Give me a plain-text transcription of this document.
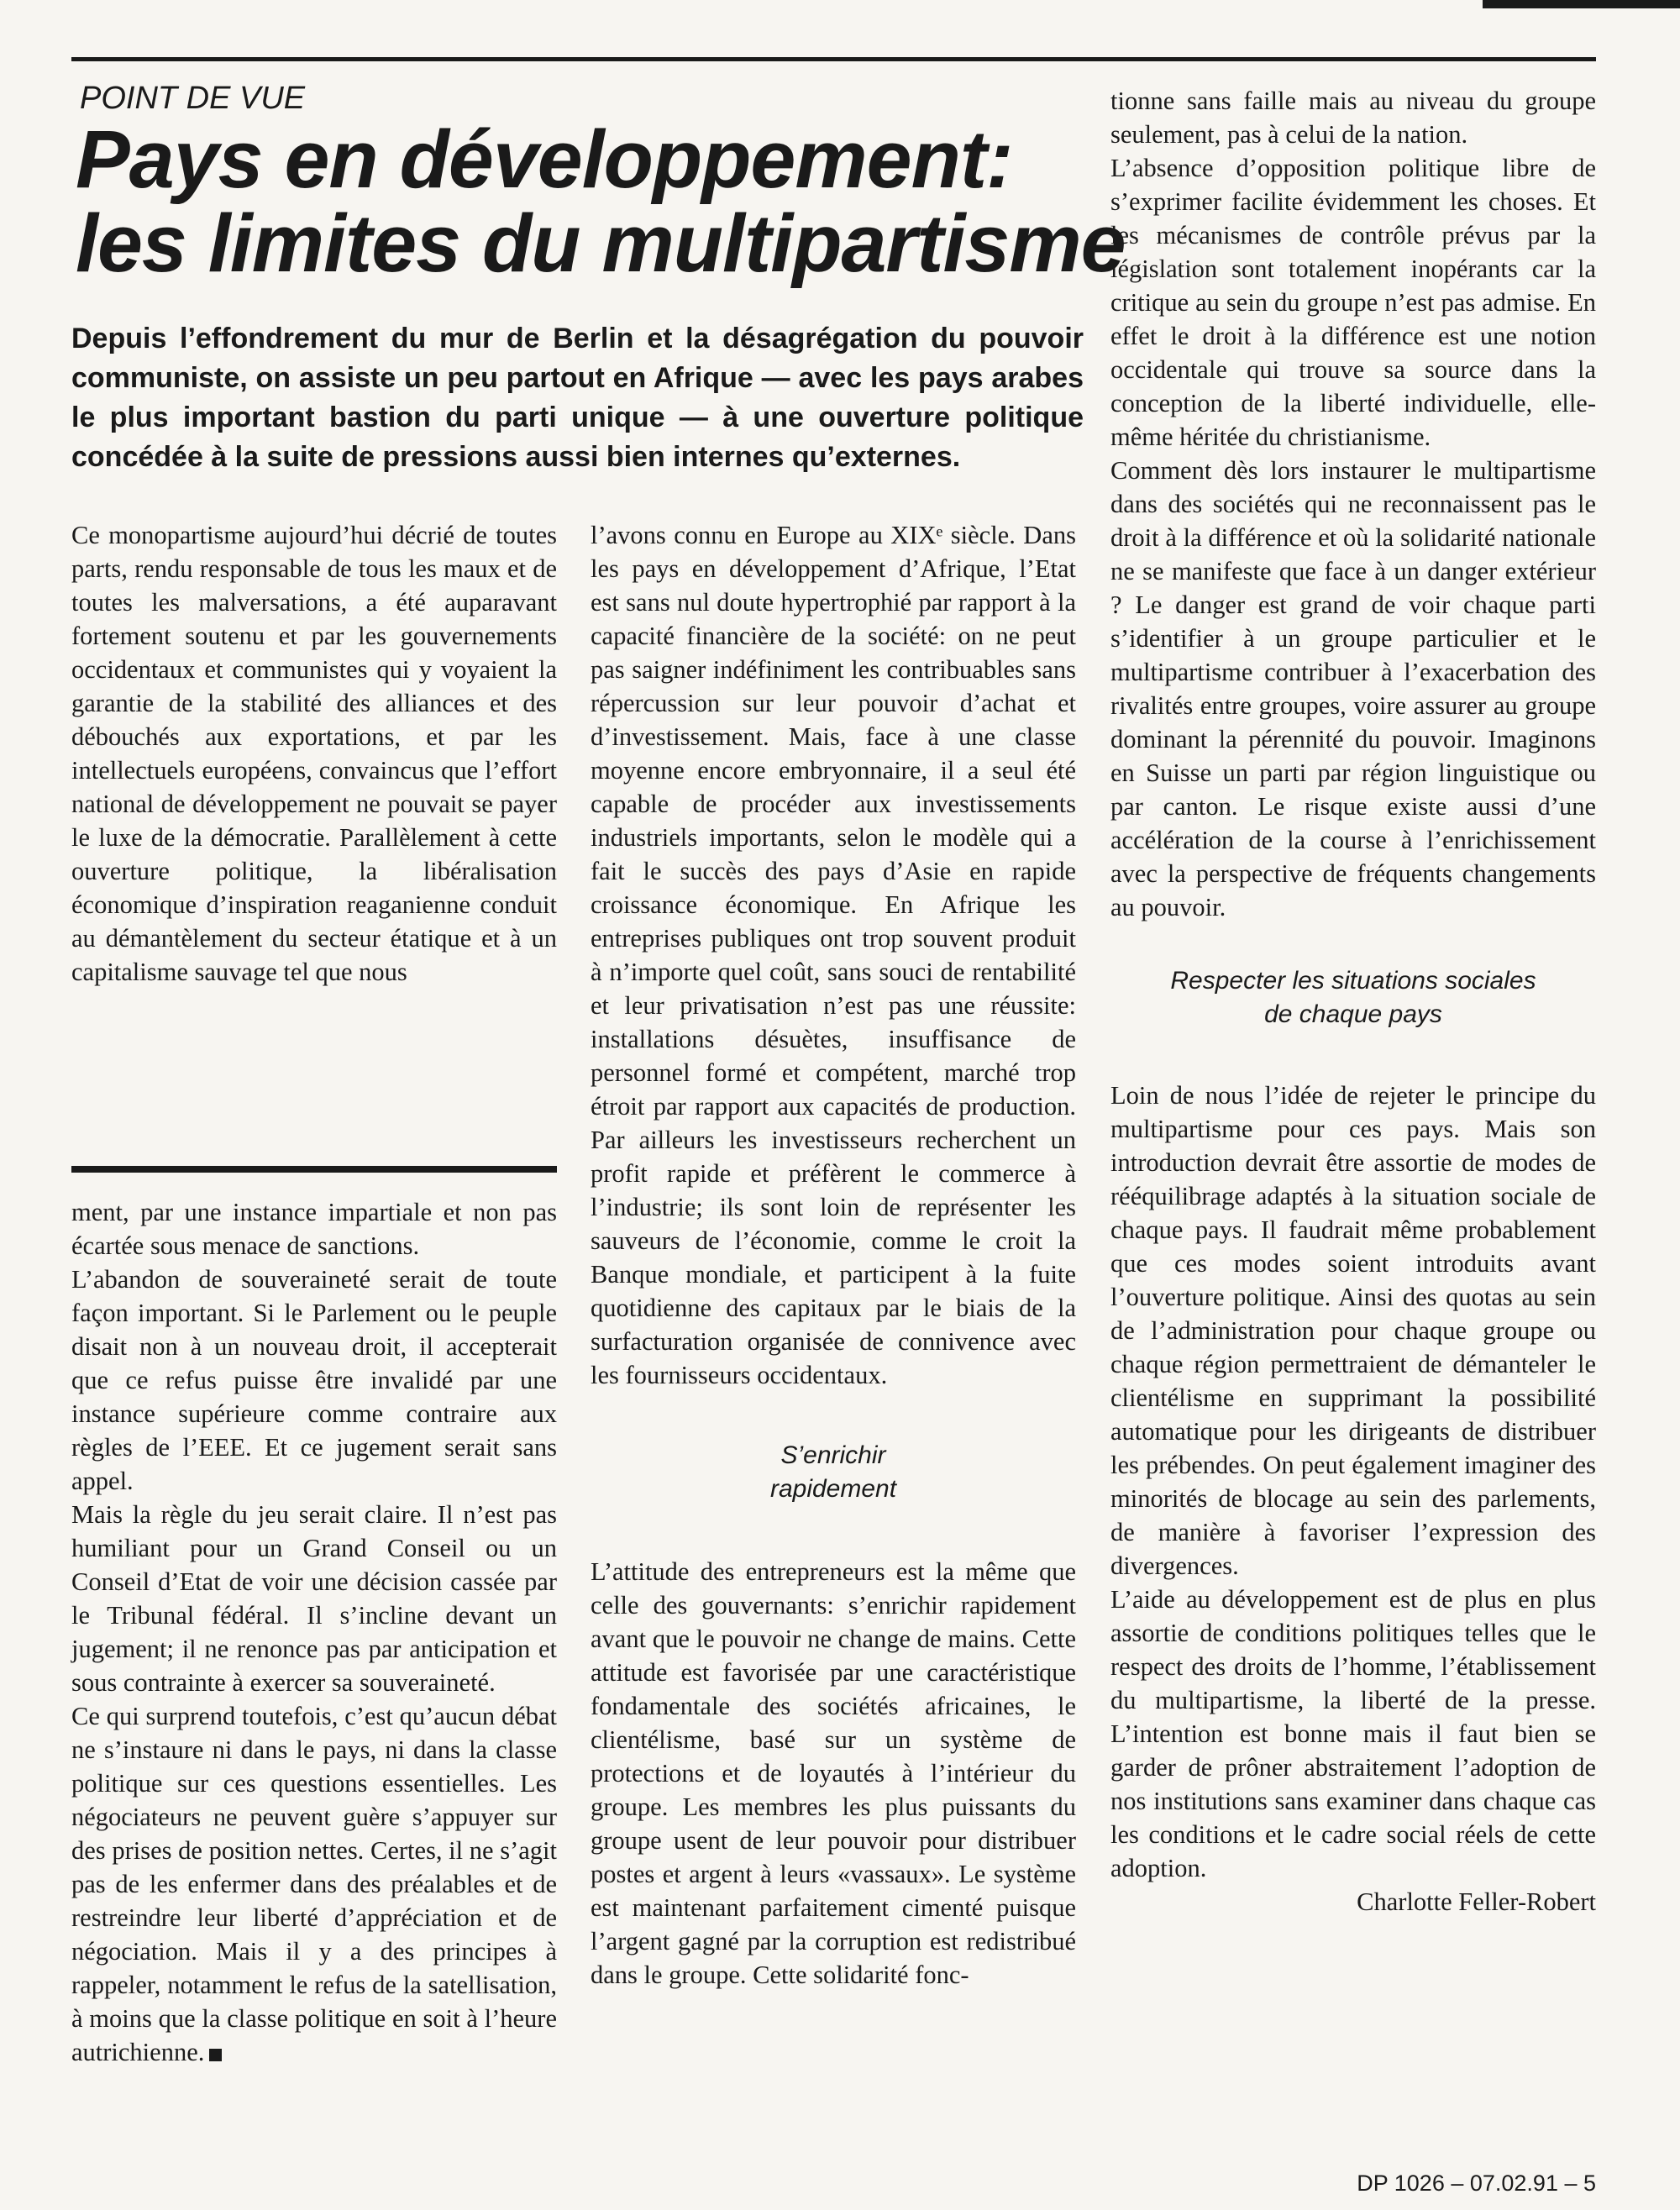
POINT DE VUE
Pays en développement:
les limites du multipartisme
Depuis l’effondrement du mur de Berlin et la désagrégation du pouvoir communiste, on assiste un peu partout en Afrique — avec les pays arabes le plus important bastion du parti unique — à une ouverture politique concédée à la suite de pressions aussi bien internes qu’externes.

Ce monopartisme aujourd’hui décrié de toutes parts, rendu responsable de tous les maux et de toutes les malversations, a été auparavant fortement soutenu et par les gouvernements occidentaux et communistes qui y voyaient la garantie de la stabilité des alliances et des débouchés aux exportations, et par les intellectuels européens, convaincus que l’effort national de développement ne pouvait se payer le luxe de la démocratie. Parallèlement à cette ouverture politique, la libéralisation économique d’inspiration reaganienne conduit au démantèlement du secteur étatique et à un capitalisme sauvage tel que nous

ment, par une instance impartiale et non pas écartée sous menace de sanctions.

L’abandon de souveraineté serait de toute façon important. Si le Parlement ou le peuple disait non à un nouveau droit, il accepterait que ce refus puisse être invalidé par une instance supérieure comme contraire aux règles de l’EEE. Et ce jugement serait sans appel.

Mais la règle du jeu serait claire. Il n’est pas humiliant pour un Grand Conseil ou un Conseil d’Etat de voir une décision cassée par le Tribunal fédéral. Il s’incline devant un jugement; il ne renonce pas par anticipation et sous contrainte à exercer sa souveraineté.

Ce qui surprend toutefois, c’est qu’aucun débat ne s’instaure ni dans le pays, ni dans la classe politique sur ces questions essentielles. Les négociateurs ne peuvent guère s’appuyer sur des prises de position nettes. Certes, il ne s’agit pas de les enfermer dans des préalables et de restreindre leur liberté d’appréciation et de négociation. Mais il y a des principes à rappeler, notamment le refus de la satellisation, à moins que la classe politique en soit à l’heure autrichienne.

l’avons connu en Europe au XIXᵉ siècle. Dans les pays en développement d’Afrique, l’Etat est sans nul doute hypertrophié par rapport à la capacité financière de la société: on ne peut pas saigner indéfiniment les contribuables sans répercussion sur leur pouvoir d’achat et d’investissement. Mais, face à une classe moyenne encore embryonnaire, il a seul été capable de procéder aux investissements industriels importants, selon le modèle qui a fait le succès des pays d’Asie en rapide croissance économique. En Afrique les entreprises publiques ont trop souvent produit à n’importe quel coût, sans souci de rentabilité et leur privatisation n’est pas une réussite: installations désuètes, insuffisance de personnel formé et compétent, marché trop étroit par rapport aux capacités de production. Par ailleurs les investisseurs recherchent un profit rapide et préfèrent le commerce à l’industrie; ils sont loin de représenter les sauveurs de l’économie, comme le croit la Banque mondiale, et participent à la fuite quotidienne des capitaux par le biais de la surfacturation organisée de connivence avec les fournisseurs occidentaux.

S’enrichir
rapidement

L’attitude des entrepreneurs est la même que celle des gouvernants: s’enrichir rapidement avant que le pouvoir ne change de mains. Cette attitude est favorisée par une caractéristique fondamentale des sociétés africaines, le clientélisme, basé sur un système de protections et de loyautés à l’intérieur du groupe. Les membres les plus puissants du groupe usent de leur pouvoir pour distribuer postes et argent à leurs «vassaux». Le système est maintenant parfaitement cimenté puisque l’argent gagné par la corruption est redistribué dans le groupe. Cette solidarité fonc-

tionne sans faille mais au niveau du groupe seulement, pas à celui de la nation.

L’absence d’opposition politique libre de s’exprimer facilite évidemment les choses. Et les mécanismes de contrôle prévus par la législation sont totalement inopérants car la critique au sein du groupe n’est pas admise. En effet le droit à la différence est une notion occidentale qui trouve sa source dans la conception de la liberté individuelle, elle-même héritée du christianisme.

Comment dès lors instaurer le multipartisme dans des sociétés qui ne reconnaissent pas le droit à la différence et où la solidarité nationale ne se manifeste que face à un danger extérieur ? Le danger est grand de voir chaque parti s’identifier à un groupe particulier et le multipartisme contribuer à l’exacerbation des rivalités entre groupes, voire assurer au groupe dominant la pérennité du pouvoir. Imaginons en Suisse un parti par région linguistique ou par canton. Le risque existe aussi d’une accélération de la course à l’enrichissement avec la perspective de fréquents changements au pouvoir.

Respecter les situations sociales
de chaque pays

Loin de nous l’idée de rejeter le principe du multipartisme pour ces pays. Mais son introduction devrait être assortie de modes de rééquilibrage adaptés à la situation sociale de chaque pays. Il faudrait même probablement que ces modes soient introduits avant l’ouverture politique. Ainsi des quotas au sein de l’administration pour chaque groupe ou chaque région permettraient de démanteler le clientélisme en supprimant la possibilité automatique pour les dirigeants de distribuer les prébendes. On peut également imaginer des minorités de blocage au sein des parlements, de manière à favoriser l’expression des divergences.

L’aide au développement est de plus en plus assortie de conditions politiques telles que le respect des droits de l’homme, l’établissement du multipartisme, la liberté de la presse. L’intention est bonne mais il faut bien se garder de prôner abstraitement l’adoption de nos institutions sans examiner dans chaque cas les conditions et le cadre social réels de cette adoption.

Charlotte Feller-Robert

DP 1026 – 07.02.91 – 5
